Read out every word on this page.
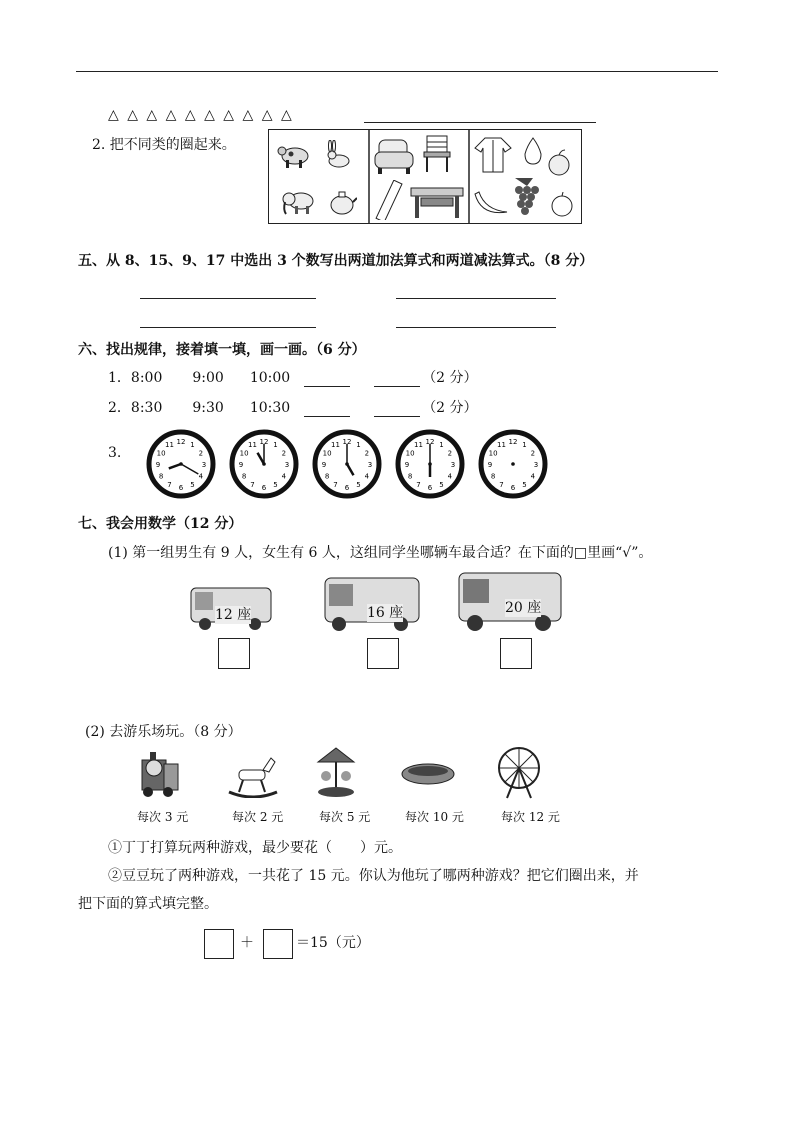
△ △ △ △ △ △ △ △ △ △
2. 把不同类的圈起来。
五、从 8、15、9、17 中选出 3 个数写出两道加法算式和两道减法算式。（8 分）
六、找出规律，接着填一填，画一画。（6 分）
1．8:00 9:00 10:00	（2 分）
2．8:30 9:30 10:30	（2 分）
3.	1
2
3
4
5
6
7
8
9
10
11 12	1
2
3
4
5
6
7
8
9
10
11 12	1
2
3
4
5
6
7
8
9
10
11 12	1
2
3
4
5
6
7
8
9
10
11 12	1
2
3
4
5
6
7
8
9
10
11 12
七、我会用数学（12 分）
(1) 第一组男生有 9 人，女生有 6 人，这组同学坐哪辆车最合适？在下面的□里画“√”。
12 座	16 座	20 座
(2) 去游乐场玩。（8 分）
每次 3 元	每次 2 元	每次 5 元	每次 10 元	每次 12 元
①丁丁打算玩两种游戏，最少要花（　　）元。
②豆豆玩了两种游戏，一共花了 15 元。你认为他玩了哪两种游戏？把它们圈出来，并
把下面的算式填完整。
＋	＝15（元）
